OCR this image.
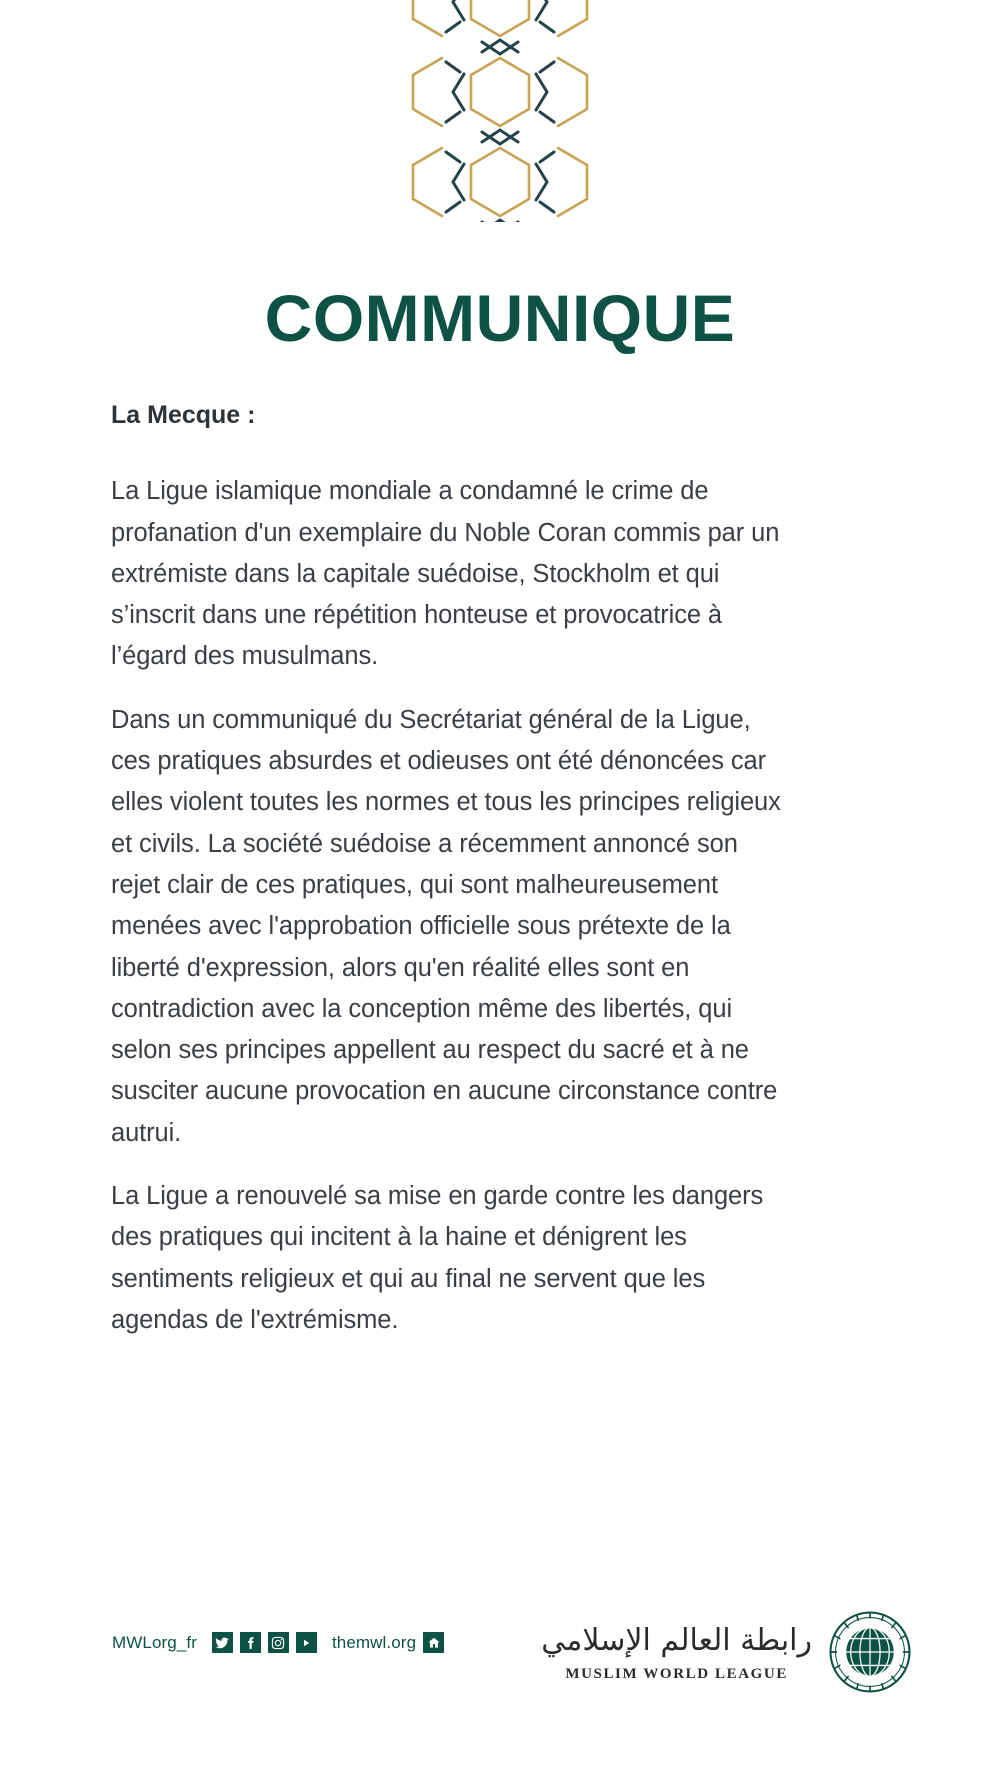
COMMUNIQUE

La Mecque :

La Ligue islamique mondiale a condamné le crime de profanation d'un exemplaire du Noble Coran commis par un extrémiste dans la capitale suédoise, Stockholm et qui s’inscrit dans une répétition honteuse et provocatrice à l’égard des musulmans.

Dans un communiqué du Secrétariat général de la Ligue, ces pratiques absurdes et odieuses ont été dénoncées car elles violent toutes les normes et tous les principes religieux et civils. La société suédoise a récemment annoncé son rejet clair de ces pratiques, qui sont malheureusement menées avec l'approbation officielle sous prétexte de la liberté d'expression, alors qu'en réalité elles sont en contradiction avec la conception même des libertés, qui selon ses principes appellent au respect du sacré et à ne susciter aucune provocation en aucune circonstance contre autrui.

La Ligue a renouvelé sa mise en garde contre les dangers des pratiques qui incitent à la haine et dénigrent les sentiments religieux et qui au final ne servent que les agendas de l'extrémisme.

MWLorg_fr	themwl.org	رابطة العالم الإسلامي
MUSLIM WORLD LEAGUE
